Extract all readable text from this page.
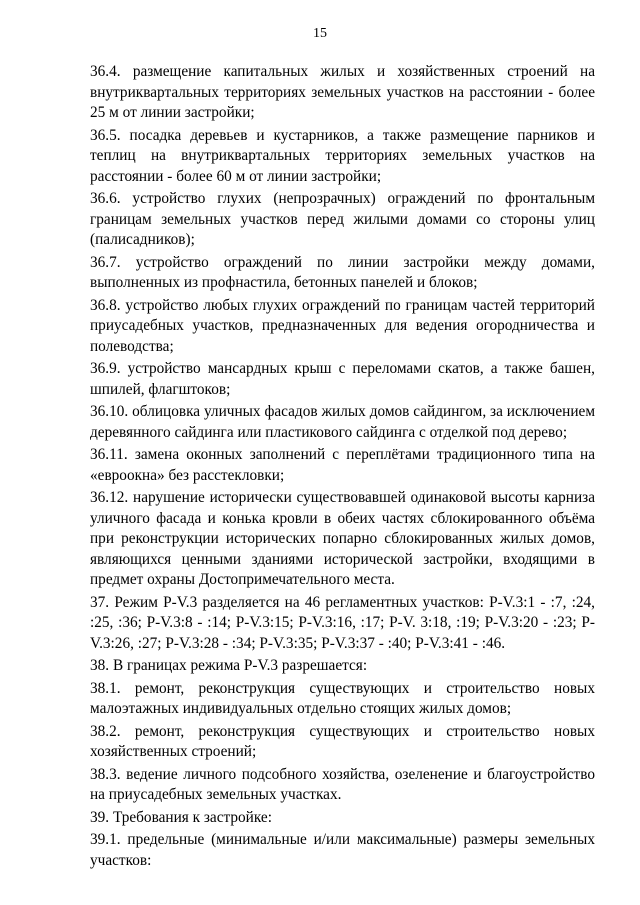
15

36.4. размещение капитальных жилых и хозяйственных строений на внутриквартальных территориях земельных участков на расстоянии - более 25 м от линии застройки;

36.5. посадка деревьев и кустарников, а также размещение парников и теплиц на внутриквартальных территориях земельных участков на расстоянии - более 60 м от линии застройки;

36.6. устройство глухих (непрозрачных) ограждений по фронтальным границам земельных участков перед жилыми домами со стороны улиц (палисадников);

36.7. устройство ограждений по линии застройки между домами, выполненных из профнастила, бетонных панелей и блоков;

36.8. устройство любых глухих ограждений по границам частей территорий приусадебных участков, предназначенных для ведения огородничества и полеводства;

36.9. устройство мансардных крыш с переломами скатов, а также башен, шпилей, флагштоков;

36.10. облицовка уличных фасадов жилых домов сайдингом, за исключением деревянного сайдинга или пластикового сайдинга с отделкой под дерево;

36.11. замена оконных заполнений с переплётами традиционного типа на «евроокна» без расстекловки;

36.12. нарушение исторически существовавшей одинаковой высоты карниза уличного фасада и конька кровли в обеих частях сблокированного объёма при реконструкции исторических попарно сблокированных жилых домов, являющихся ценными зданиями исторической застройки, входящими в предмет охраны Достопримечательного места.

37. Режим Р-V.3 разделяется на 46 регламентных участков: Р-V.3:1 - :7, :24, :25, :36; Р-V.3:8 - :14; Р-V.3:15; Р-V.3:16, :17; Р-V. 3:18, :19; Р-V.3:20 - :23; Р-V.3:26, :27; Р-V.3:28 - :34; Р-V.3:35; Р-V.3:37 - :40; Р-V.3:41 - :46.

38. В границах режима Р-V.3 разрешается:

38.1. ремонт, реконструкция существующих и строительство новых малоэтажных индивидуальных отдельно стоящих жилых домов;

38.2. ремонт, реконструкция существующих и строительство новых хозяйственных строений;

38.3. ведение личного подсобного хозяйства, озеленение и благоустройство на приусадебных земельных участках.

39. Требования к застройке:

39.1. предельные (минимальные и/или максимальные) размеры земельных участков:
